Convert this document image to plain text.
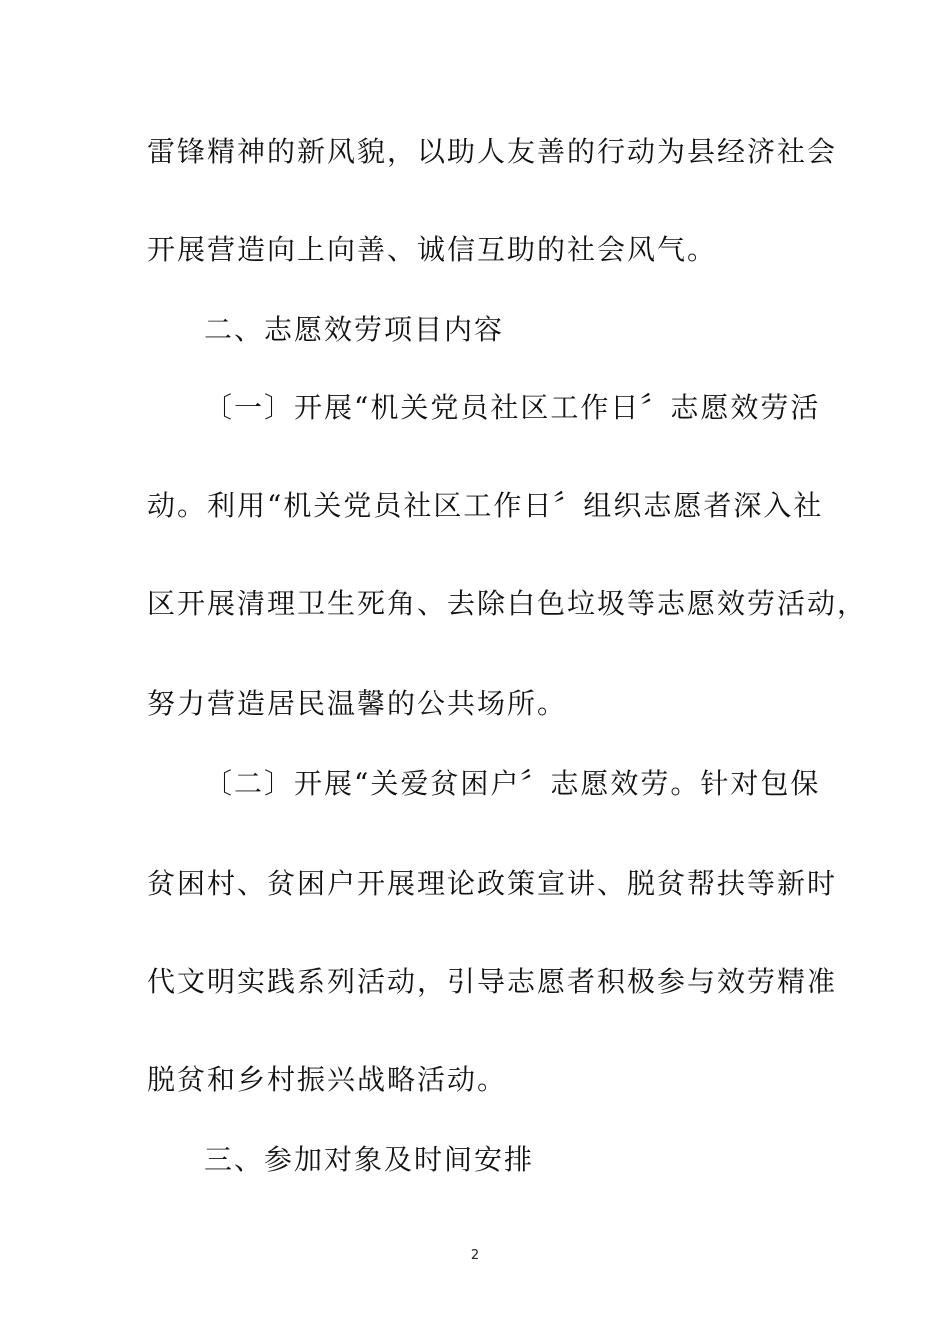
雷锋精神的新风貌，以助人友善的行动为县经济社会
开展营造向上向善、诚信互助的社会风气。
二、志愿效劳项目内容
〔一〕开展“机关党员社区工作日〞志愿效劳活
动。利用“机关党员社区工作日〞组织志愿者深入社
区开展清理卫生死角、去除白色垃圾等志愿效劳活动，
努力营造居民温馨的公共场所。
〔二〕开展“关爱贫困户〞志愿效劳。针对包保
贫困村、贫困户开展理论政策宣讲、脱贫帮扶等新时
代文明实践系列活动，引导志愿者积极参与效劳精准
脱贫和乡村振兴战略活动。
三、参加对象及时间安排
2
